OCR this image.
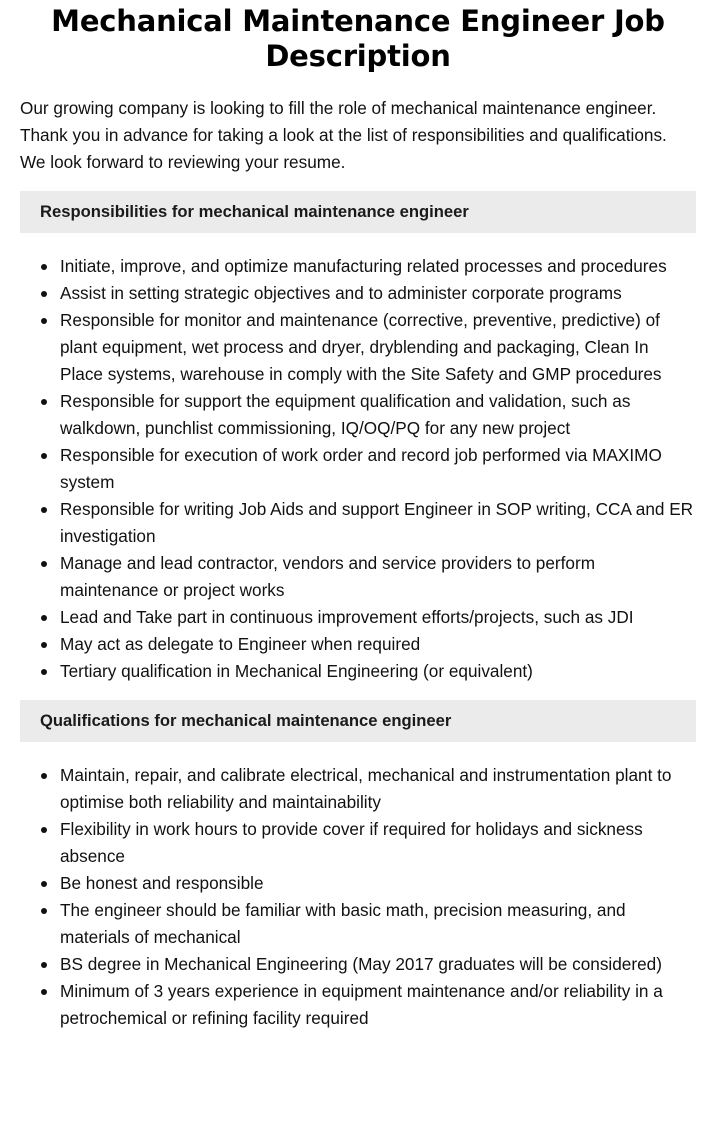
Mechanical Maintenance Engineer Job Description

Our growing company is looking to fill the role of mechanical maintenance engineer. Thank you in advance for taking a look at the list of responsibilities and qualifications. We look forward to reviewing your resume.

Responsibilities for mechanical maintenance engineer
Initiate, improve, and optimize manufacturing related processes and procedures
Assist in setting strategic objectives and to administer corporate programs
Responsible for monitor and maintenance (corrective, preventive, predictive) of plant equipment, wet process and dryer, dryblending and packaging, Clean In Place systems, warehouse in comply with the Site Safety and GMP procedures
Responsible for support the equipment qualification and validation, such as walkdown, punchlist commissioning, IQ/OQ/PQ for any new project
Responsible for execution of work order and record job performed via MAXIMO system
Responsible for writing Job Aids and support Engineer in SOP writing, CCA and ER investigation
Manage and lead contractor, vendors and service providers to perform maintenance or project works
Lead and Take part in continuous improvement efforts/projects, such as JDI
May act as delegate to Engineer when required
Tertiary qualification in Mechanical Engineering (or equivalent)
Qualifications for mechanical maintenance engineer
Maintain, repair, and calibrate electrical, mechanical and instrumentation plant to optimise both reliability and maintainability
Flexibility in work hours to provide cover if required for holidays and sickness absence
Be honest and responsible
The engineer should be familiar with basic math, precision measuring, and materials of mechanical
BS degree in Mechanical Engineering (May 2017 graduates will be considered)
Minimum of 3 years experience in equipment maintenance and/or reliability in a petrochemical or refining facility required
